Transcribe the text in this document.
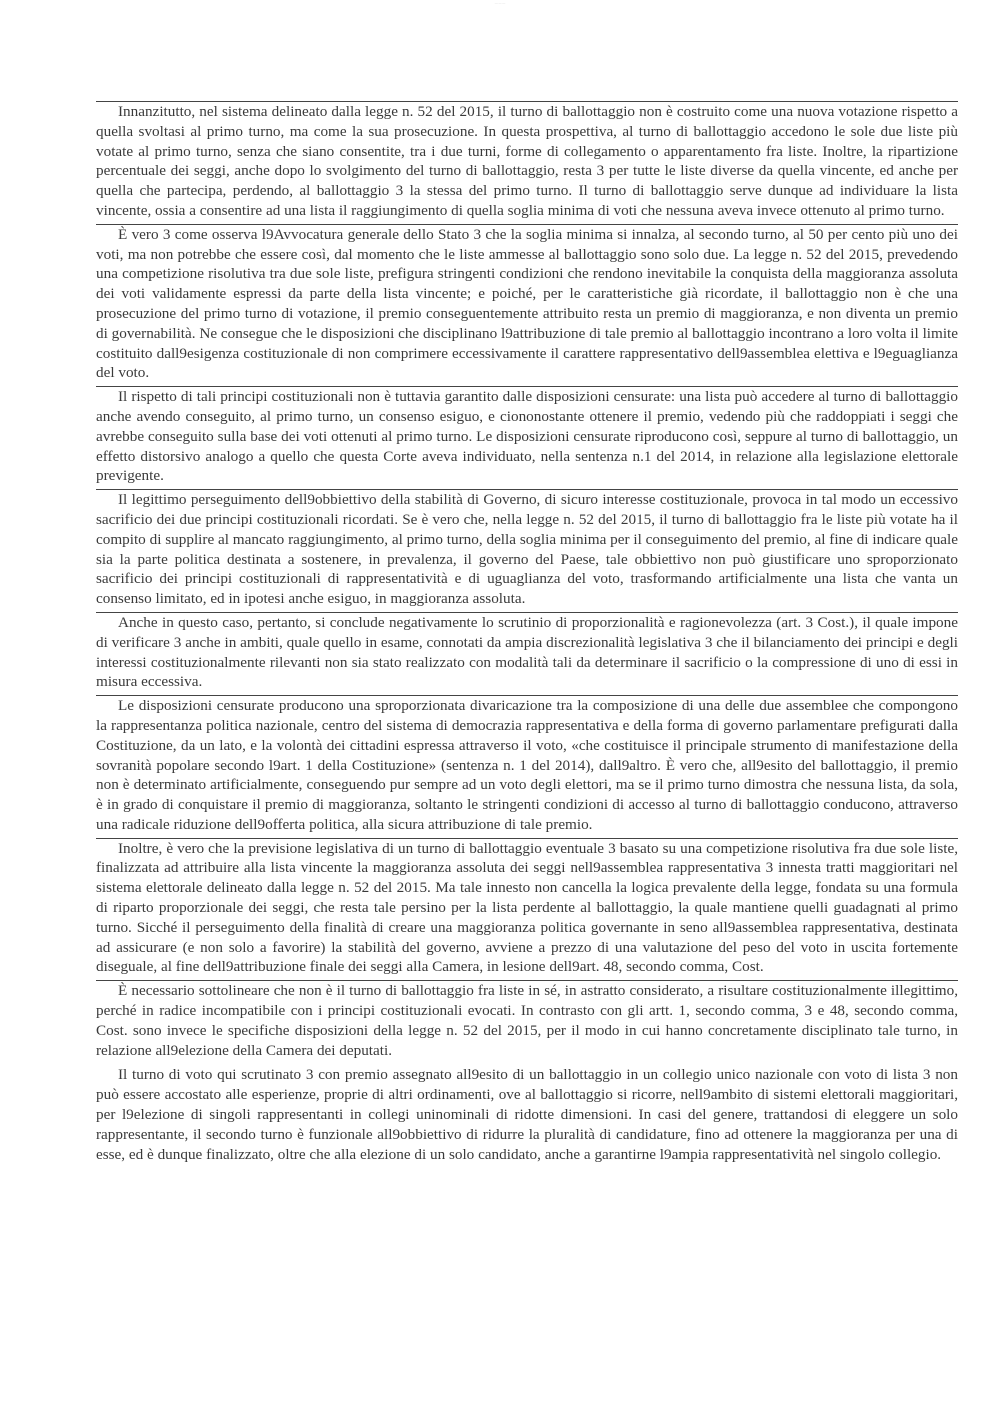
— — —

Innanzitutto, nel sistema delineato dalla legge n. 52 del 2015, il turno di ballottaggio non è costruito come una nuova votazione rispetto a quella svoltasi al primo turno, ma come la sua prosecuzione. In questa prospettiva, al turno di ballottaggio accedono le sole due liste più votate al primo turno, senza che siano consentite, tra i due turni, forme di collegamento o apparentamento fra liste. Inoltre, la ripartizione percentuale dei seggi, anche dopo lo svolgimento del turno di ballottaggio, resta 3 per tutte le liste diverse da quella vincente, ed anche per quella che partecipa, perdendo, al ballottaggio 3 la stessa del primo turno. Il turno di ballottaggio serve dunque ad individuare la lista vincente, ossia a consentire ad una lista il raggiungimento di quella soglia minima di voti che nessuna aveva invece ottenuto al primo turno.

È vero 3 come osserva l9Avvocatura generale dello Stato 3 che la soglia minima si innalza, al secondo turno, al 50 per cento più uno dei voti, ma non potrebbe che essere così, dal momento che le liste ammesse al ballottaggio sono solo due. La legge n. 52 del 2015, prevedendo una competizione risolutiva tra due sole liste, prefigura stringenti condizioni che rendono inevitabile la conquista della maggioranza assoluta dei voti validamente espressi da parte della lista vincente; e poiché, per le caratteristiche già ricordate, il ballottaggio non è che una prosecuzione del primo turno di votazione, il premio conseguentemente attribuito resta un premio di maggioranza, e non diventa un premio di governabilità. Ne consegue che le disposizioni che disciplinano l9attribuzione di tale premio al ballottaggio incontrano a loro volta il limite costituito dall9esigenza costituzionale di non comprimere eccessivamente il carattere rappresentativo dell9assemblea elettiva e l9eguaglianza del voto.

Il rispetto di tali principi costituzionali non è tuttavia garantito dalle disposizioni censurate: una lista può accedere al turno di ballottaggio anche avendo conseguito, al primo turno, un consenso esiguo, e ciononostante ottenere il premio, vedendo più che raddoppiati i seggi che avrebbe conseguito sulla base dei voti ottenuti al primo turno. Le disposizioni censurate riproducono così, seppure al turno di ballottaggio, un effetto distorsivo analogo a quello che questa Corte aveva individuato, nella sentenza n.1 del 2014, in relazione alla legislazione elettorale previgente.

Il legittimo perseguimento dell9obbiettivo della stabilità di Governo, di sicuro interesse costituzionale, provoca in tal modo un eccessivo sacrificio dei due principi costituzionali ricordati. Se è vero che, nella legge n. 52 del 2015, il turno di ballottaggio fra le liste più votate ha il compito di supplire al mancato raggiungimento, al primo turno, della soglia minima per il conseguimento del premio, al fine di indicare quale sia la parte politica destinata a sostenere, in prevalenza, il governo del Paese, tale obbiettivo non può giustificare uno sproporzionato sacrificio dei principi costituzionali di rappresentatività e di uguaglianza del voto, trasformando artificialmente una lista che vanta un consenso limitato, ed in ipotesi anche esiguo, in maggioranza assoluta.

Anche in questo caso, pertanto, si conclude negativamente lo scrutinio di proporzionalità e ragionevolezza (art. 3 Cost.), il quale impone di verificare 3 anche in ambiti, quale quello in esame, connotati da ampia discrezionalità legislativa 3 che il bilanciamento dei principi e degli interessi costituzionalmente rilevanti non sia stato realizzato con modalità tali da determinare il sacrificio o la compressione di uno di essi in misura eccessiva.

Le disposizioni censurate producono una sproporzionata divaricazione tra la composizione di una delle due assemblee che compongono la rappresentanza politica nazionale, centro del sistema di democrazia rappresentativa e della forma di governo parlamentare prefigurati dalla Costituzione, da un lato, e la volontà dei cittadini espressa attraverso il voto, «che costituisce il principale strumento di manifestazione della sovranità popolare secondo l9art. 1 della Costituzione» (sentenza n. 1 del 2014), dall9altro. È vero che, all9esito del ballottaggio, il premio non è determinato artificialmente, conseguendo pur sempre ad un voto degli elettori, ma se il primo turno dimostra che nessuna lista, da sola, è in grado di conquistare il premio di maggioranza, soltanto le stringenti condizioni di accesso al turno di ballottaggio conducono, attraverso una radicale riduzione dell9offerta politica, alla sicura attribuzione di tale premio.

Inoltre, è vero che la previsione legislativa di un turno di ballottaggio eventuale 3 basato su una competizione risolutiva fra due sole liste, finalizzata ad attribuire alla lista vincente la maggioranza assoluta dei seggi nell9assemblea rappresentativa 3 innesta tratti maggioritari nel sistema elettorale delineato dalla legge n. 52 del 2015. Ma tale innesto non cancella la logica prevalente della legge, fondata su una formula di riparto proporzionale dei seggi, che resta tale persino per la lista perdente al ballottaggio, la quale mantiene quelli guadagnati al primo turno. Sicché il perseguimento della finalità di creare una maggioranza politica governante in seno all9assemblea rappresentativa, destinata ad assicurare (e non solo a favorire) la stabilità del governo, avviene a prezzo di una valutazione del peso del voto in uscita fortemente diseguale, al fine dell9attribuzione finale dei seggi alla Camera, in lesione dell9art. 48, secondo comma, Cost.

È necessario sottolineare che non è il turno di ballottaggio fra liste in sé, in astratto considerato, a risultare costituzionalmente illegittimo, perché in radice incompatibile con i principi costituzionali evocati. In contrasto con gli artt. 1, secondo comma, 3 e 48, secondo comma, Cost. sono invece le specifiche disposizioni della legge n. 52 del 2015, per il modo in cui hanno concretamente disciplinato tale turno, in relazione all9elezione della Camera dei deputati.

Il turno di voto qui scrutinato 3 con premio assegnato all9esito di un ballottaggio in un collegio unico nazionale con voto di lista 3 non può essere accostato alle esperienze, proprie di altri ordinamenti, ove al ballottaggio si ricorre, nell9ambito di sistemi elettorali maggioritari, per l9elezione di singoli rappresentanti in collegi uninominali di ridotte dimensioni. In casi del genere, trattandosi di eleggere un solo rappresentante, il secondo turno è funzionale all9obbiettivo di ridurre la pluralità di candidature, fino ad ottenere la maggioranza per una di esse, ed è dunque finalizzato, oltre che alla elezione di un solo candidato, anche a garantirne l9ampia rappresentatività nel singolo collegio.
